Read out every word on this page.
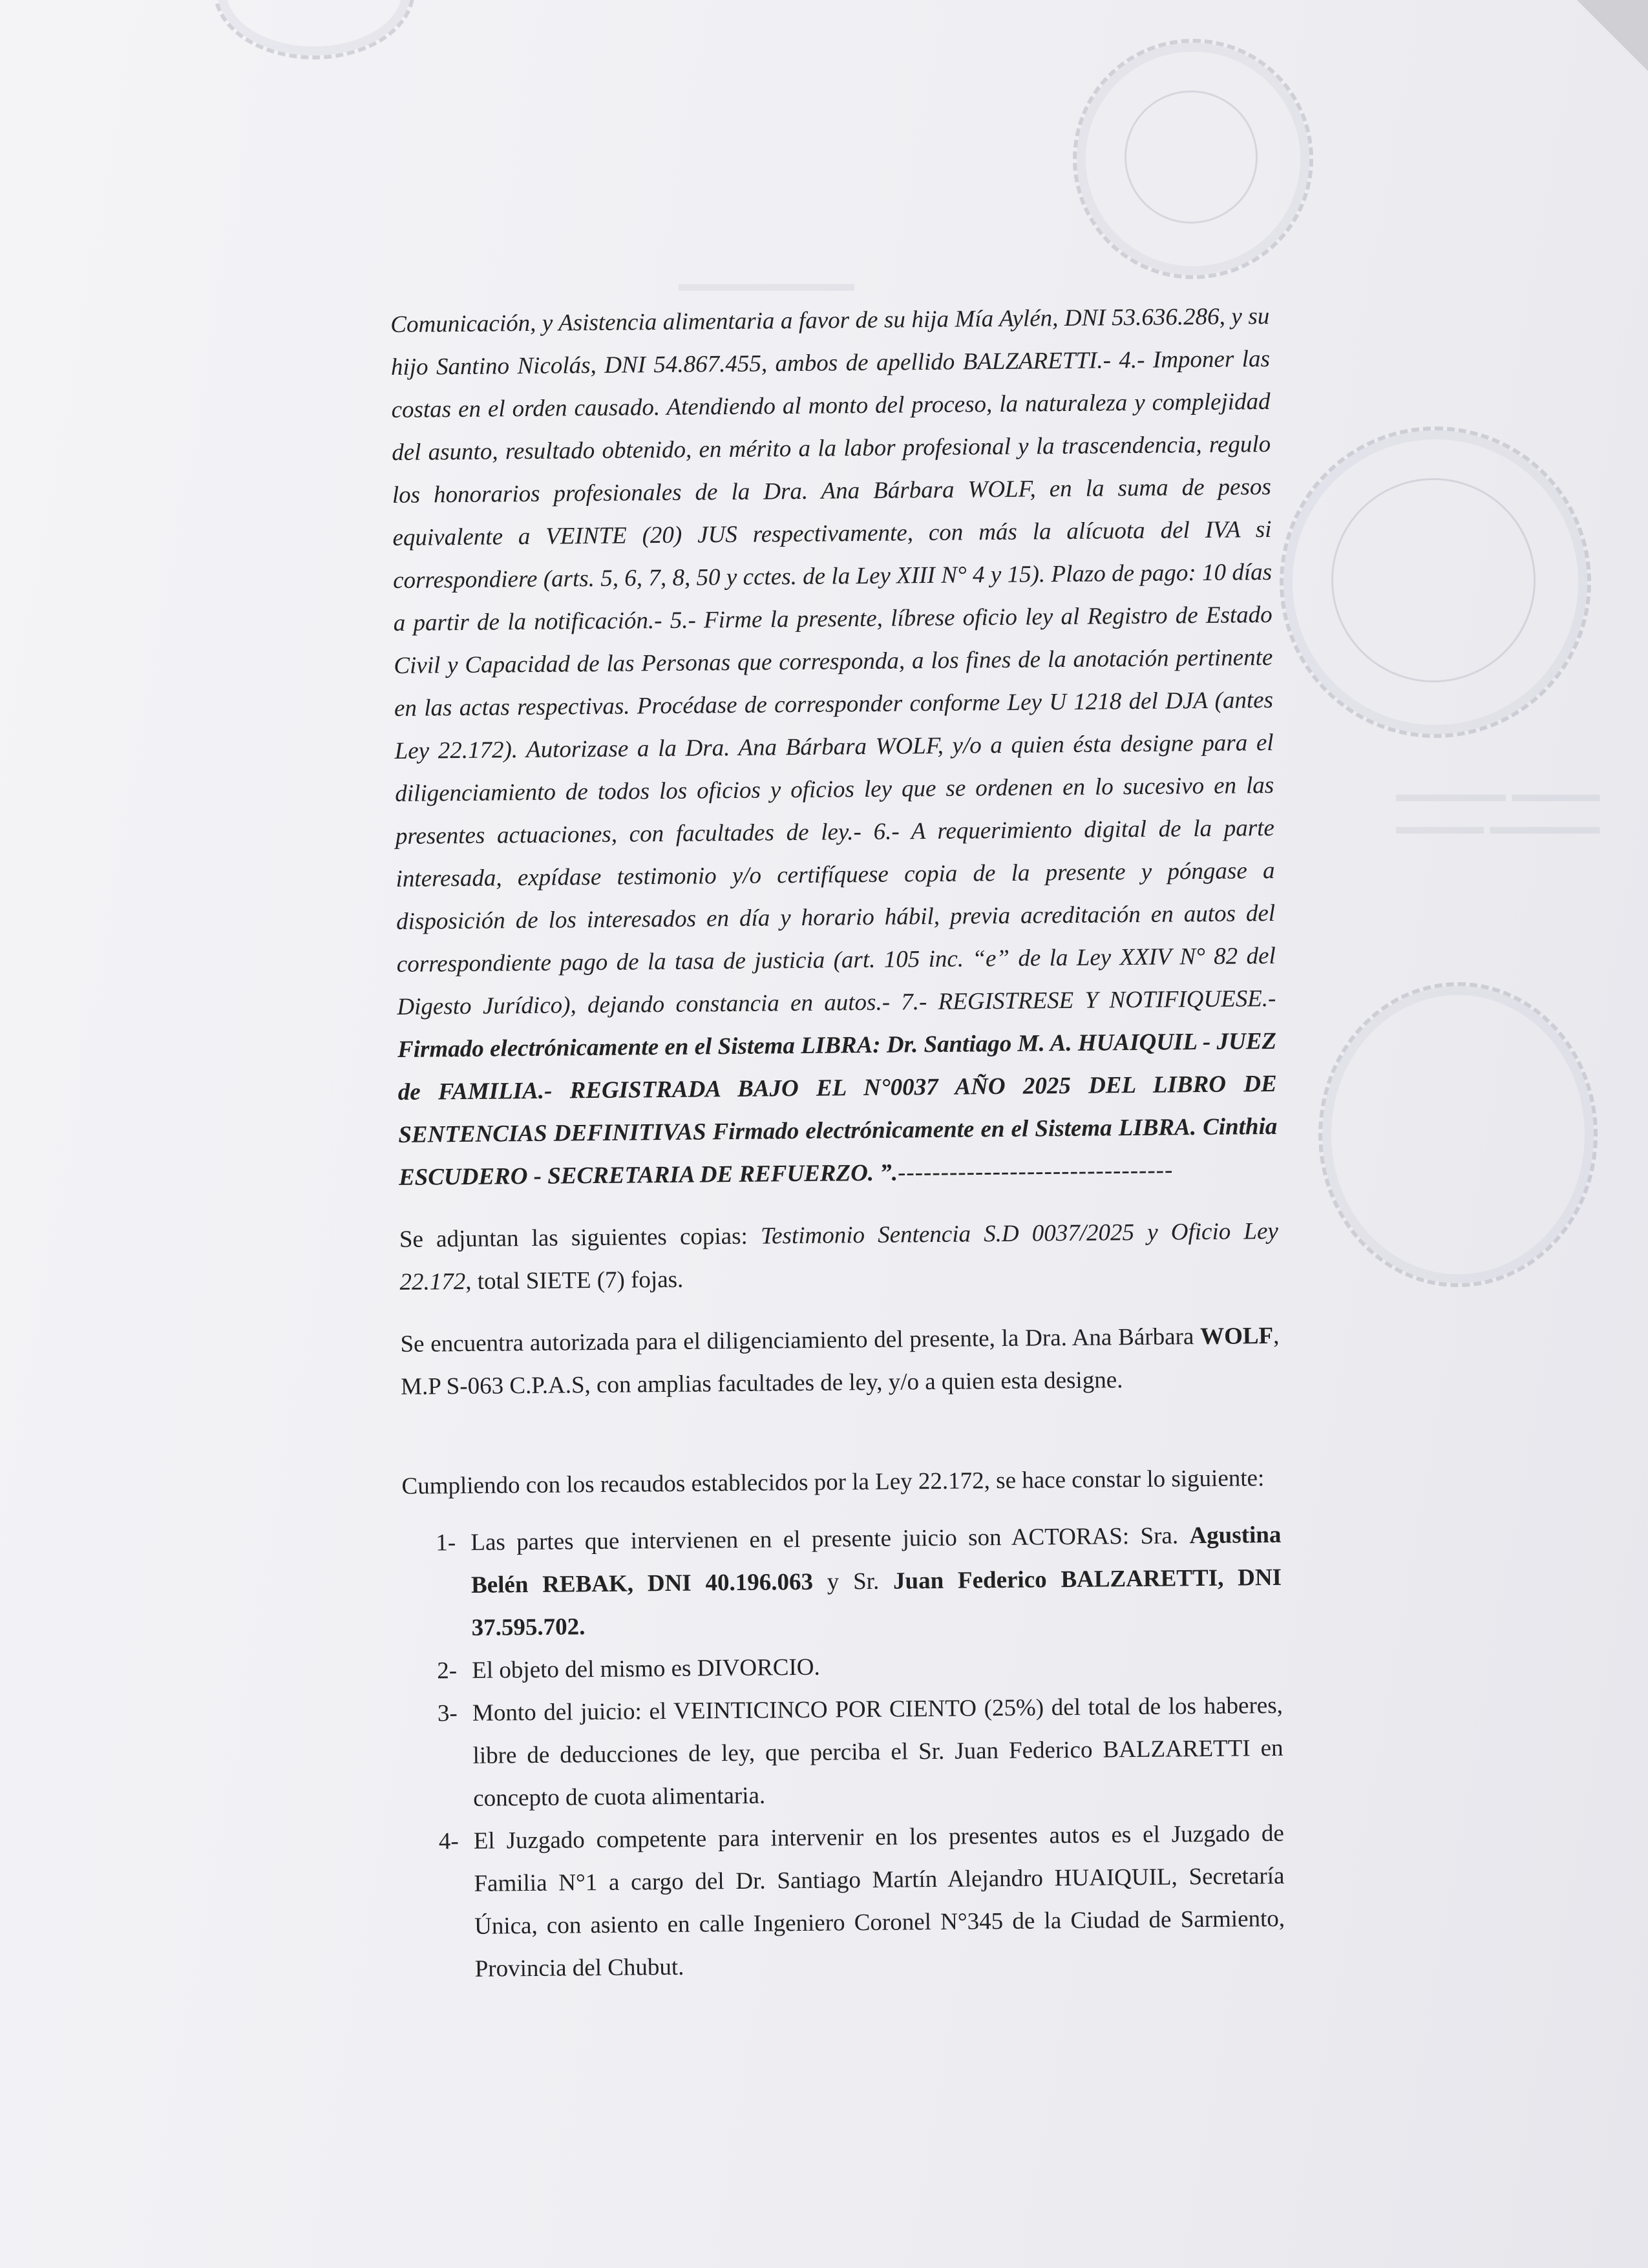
▬▬▬▬▬ ▬▬▬▬
▬▬▬▬ ▬▬▬▬▬
▬▬▬▬▬▬▬▬

Comunicación, y Asistencia alimentaria a favor de su hija Mía Aylén, DNI 53.636.286, y su hijo Santino Nicolás, DNI 54.867.455, ambos de apellido BALZARETTI.- 4.- Imponer las costas en el orden causado. Atendiendo al monto del proceso, la naturaleza y complejidad del asunto, resultado obtenido, en mérito a la labor profesional y la trascendencia, regulo los honorarios profesionales de la Dra. Ana Bárbara WOLF, en la suma de pesos equivalente a VEINTE (20) JUS respectivamente, con más la alícuota del IVA si correspondiere (arts. 5, 6, 7, 8, 50 y cctes. de la Ley XIII N° 4 y 15). Plazo de pago: 10 días a partir de la notificación.- 5.- Firme la presente, líbrese oficio ley al Registro de Estado Civil y Capacidad de las Personas que corresponda, a los fines de la anotación pertinente en las actas respectivas. Procédase de corresponder conforme Ley U 1218 del DJA (antes Ley 22.172). Autorizase a la Dra. Ana Bárbara WOLF, y/o a quien ésta designe para el diligenciamiento de todos los oficios y oficios ley que se ordenen en lo sucesivo en las presentes actuaciones, con facultades de ley.- 6.- A requerimiento digital de la parte interesada, expídase testimonio y/o certifíquese copia de la presente y póngase a disposición de los interesados en día y horario hábil, previa acreditación en autos del correspondiente pago de la tasa de justicia (art. 105 inc. “e” de la Ley XXIV N° 82 del Digesto Jurídico), dejando constancia en autos.- 7.- REGISTRESE Y NOTIFIQUESE.- Firmado electrónicamente en el Sistema LIBRA: Dr. Santiago M. A. HUAIQUIL - JUEZ de FAMILIA.- REGISTRADA BAJO EL N°0037 AÑO 2025 DEL LIBRO DE SENTENCIAS DEFINITIVAS Firmado electrónicamente en el Sistema LIBRA. Cinthia ESCUDERO - SECRETARIA DE REFUERZO. ”.--------------------------------

Se adjuntan las siguientes copias: Testimonio Sentencia S.D 0037/2025 y Oficio Ley 22.172, total SIETE (7) fojas.

Se encuentra autorizada para el diligenciamiento del presente, la Dra. Ana Bárbara WOLF, M.P S-063 C.P.A.S, con amplias facultades de ley, y/o a quien esta designe.

Cumpliendo con los recaudos establecidos por la Ley 22.172, se hace constar lo siguiente:

1- Las partes que intervienen en el presente juicio son ACTORAS: Sra. Agustina Belén REBAK, DNI 40.196.063 y Sr. Juan Federico BALZARETTI, DNI 37.595.702.
2- El objeto del mismo es DIVORCIO.
3- Monto del juicio: el VEINTICINCO POR CIENTO (25%) del total de los haberes, libre de deducciones de ley, que perciba el Sr. Juan Federico BALZARETTI en concepto de cuota alimentaria.
4- El Juzgado competente para intervenir en los presentes autos es el Juzgado de Familia N°1 a cargo del Dr. Santiago Martín Alejandro HUAIQUIL, Secretaría Única, con asiento en calle Ingeniero Coronel N°345 de la Ciudad de Sarmiento, Provincia del Chubut.
